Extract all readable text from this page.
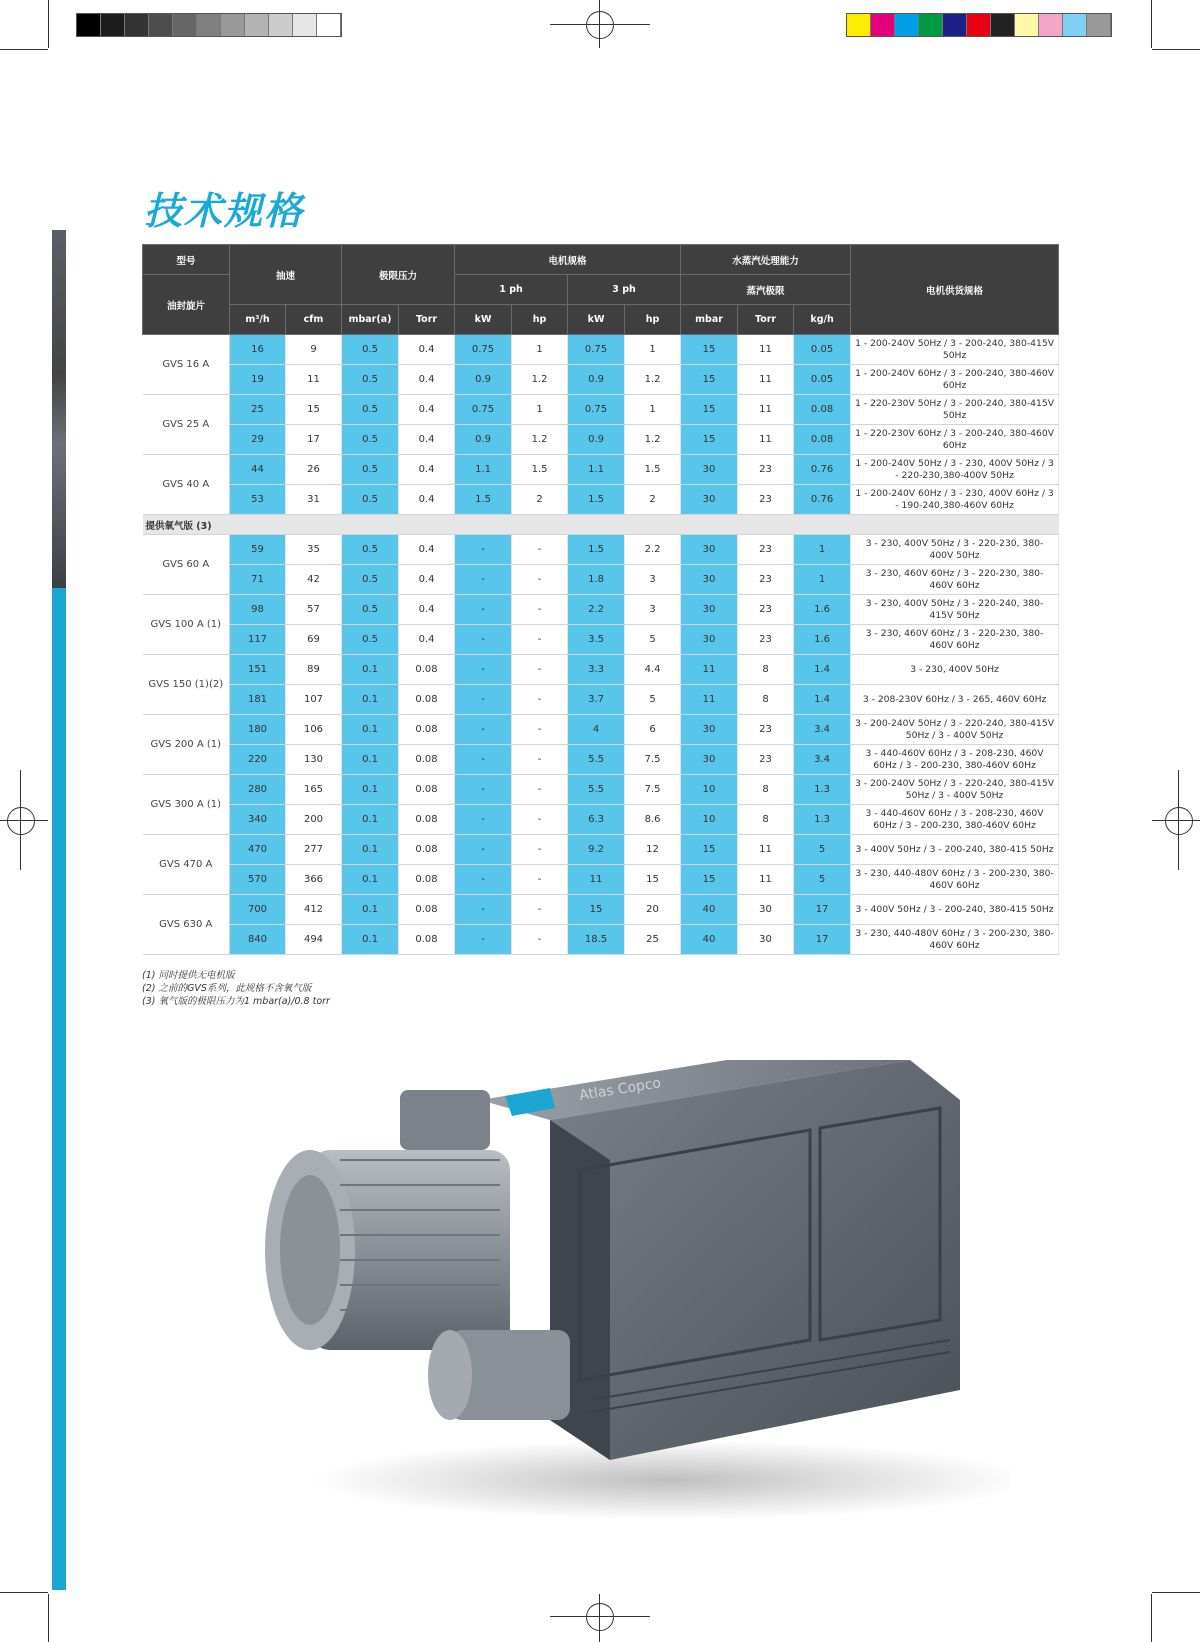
技术规格
型号	抽速		极限压力		电机规格				水蒸汽处理能力			电机供货规格
油封旋片					1 ph		3 ph		蒸汽极限			
	m³/h	cfm	mbar(a)	Torr	kW	hp	kW	hp	mbar	Torr	kg/h	
GVS 16 A	16	9	0.5	0.4	0.75	1	0.75	1	15	11	0.05	1 - 200-240V 50Hz / 3 - 200-240, 380-415V 50Hz
	19	11	0.5	0.4	0.9	1.2	0.9	1.2	15	11	0.05	1 - 200-240V 60Hz / 3 - 200-240, 380-460V 60Hz
GVS 25 A	25	15	0.5	0.4	0.75	1	0.75	1	15	11	0.08	1 - 220-230V 50Hz / 3 - 200-240, 380-415V 50Hz
	29	17	0.5	0.4	0.9	1.2	0.9	1.2	15	11	0.08	1 - 220-230V 60Hz / 3 - 200-240, 380-460V 60Hz
GVS 40 A	44	26	0.5	0.4	1.1	1.5	1.1	1.5	30	23	0.76	1 - 200-240V 50Hz / 3 - 230, 400V 50Hz / 3 - 220-230,380-400V 50Hz
	53	31	0.5	0.4	1.5	2	1.5	2	30	23	0.76	1 - 200-240V 60Hz / 3 - 230, 400V 60Hz / 3 - 190-240,380-460V 60Hz
提供氧气版 (3)												
GVS 60 A	59	35	0.5	0.4	-	-	1.5	2.2	30	23	1	3 - 230, 400V 50Hz / 3 - 220-230, 380-400V 50Hz
	71	42	0.5	0.4	-	-	1.8	3	30	23	1	3 - 230, 460V 60Hz / 3 - 220-230, 380-460V 60Hz
GVS 100 A (1)	98	57	0.5	0.4	-	-	2.2	3	30	23	1.6	3 - 230, 400V 50Hz / 3 - 220-240, 380-415V 50Hz
	117	69	0.5	0.4	-	-	3.5	5	30	23	1.6	3 - 230, 460V 60Hz / 3 - 220-230, 380-460V 60Hz
GVS 150 (1)(2)	151	89	0.1	0.08	-	-	3.3	4.4	11	8	1.4	3 - 230, 400V 50Hz
	181	107	0.1	0.08	-	-	3.7	5	11	8	1.4	3 - 208-230V 60Hz / 3 - 265, 460V 60Hz
GVS 200 A (1)	180	106	0.1	0.08	-	-	4	6	30	23	3.4	3 - 200-240V 50Hz / 3 - 220-240, 380-415V 50Hz / 3 - 400V 50Hz
	220	130	0.1	0.08	-	-	5.5	7.5	30	23	3.4	3 - 440-460V 60Hz / 3 - 208-230, 460V 60Hz / 3 - 200-230, 380-460V 60Hz
GVS 300 A (1)	280	165	0.1	0.08	-	-	5.5	7.5	10	8	1.3	3 - 200-240V 50Hz / 3 - 220-240, 380-415V 50Hz / 3 - 400V 50Hz
	340	200	0.1	0.08	-	-	6.3	8.6	10	8	1.3	3 - 440-460V 60Hz / 3 - 208-230, 460V 60Hz / 3 - 200-230, 380-460V 60Hz
GVS 470 A	470	277	0.1	0.08	-	-	9.2	12	15	11	5	3 - 400V 50Hz / 3 - 200-240, 380-415 50Hz
	570	366	0.1	0.08	-	-	11	15	15	11	5	3 - 230, 440-480V 60Hz / 3 - 200-230, 380-460V 60Hz
GVS 630 A	700	412	0.1	0.08	-	-	15	20	40	30	17	3 - 400V 50Hz / 3 - 200-240, 380-415 50Hz
	840	494	0.1	0.08	-	-	18.5	25	40	30	17	3 - 230, 440-480V 60Hz / 3 - 200-230, 380-460V 60Hz
(1) 同时提供无电机版
(2) 之前的GVS系列，此规格不含氧气版
(3) 氧气版的极限压力为1 mbar(a)/0.8 torr
Atlas Copco
